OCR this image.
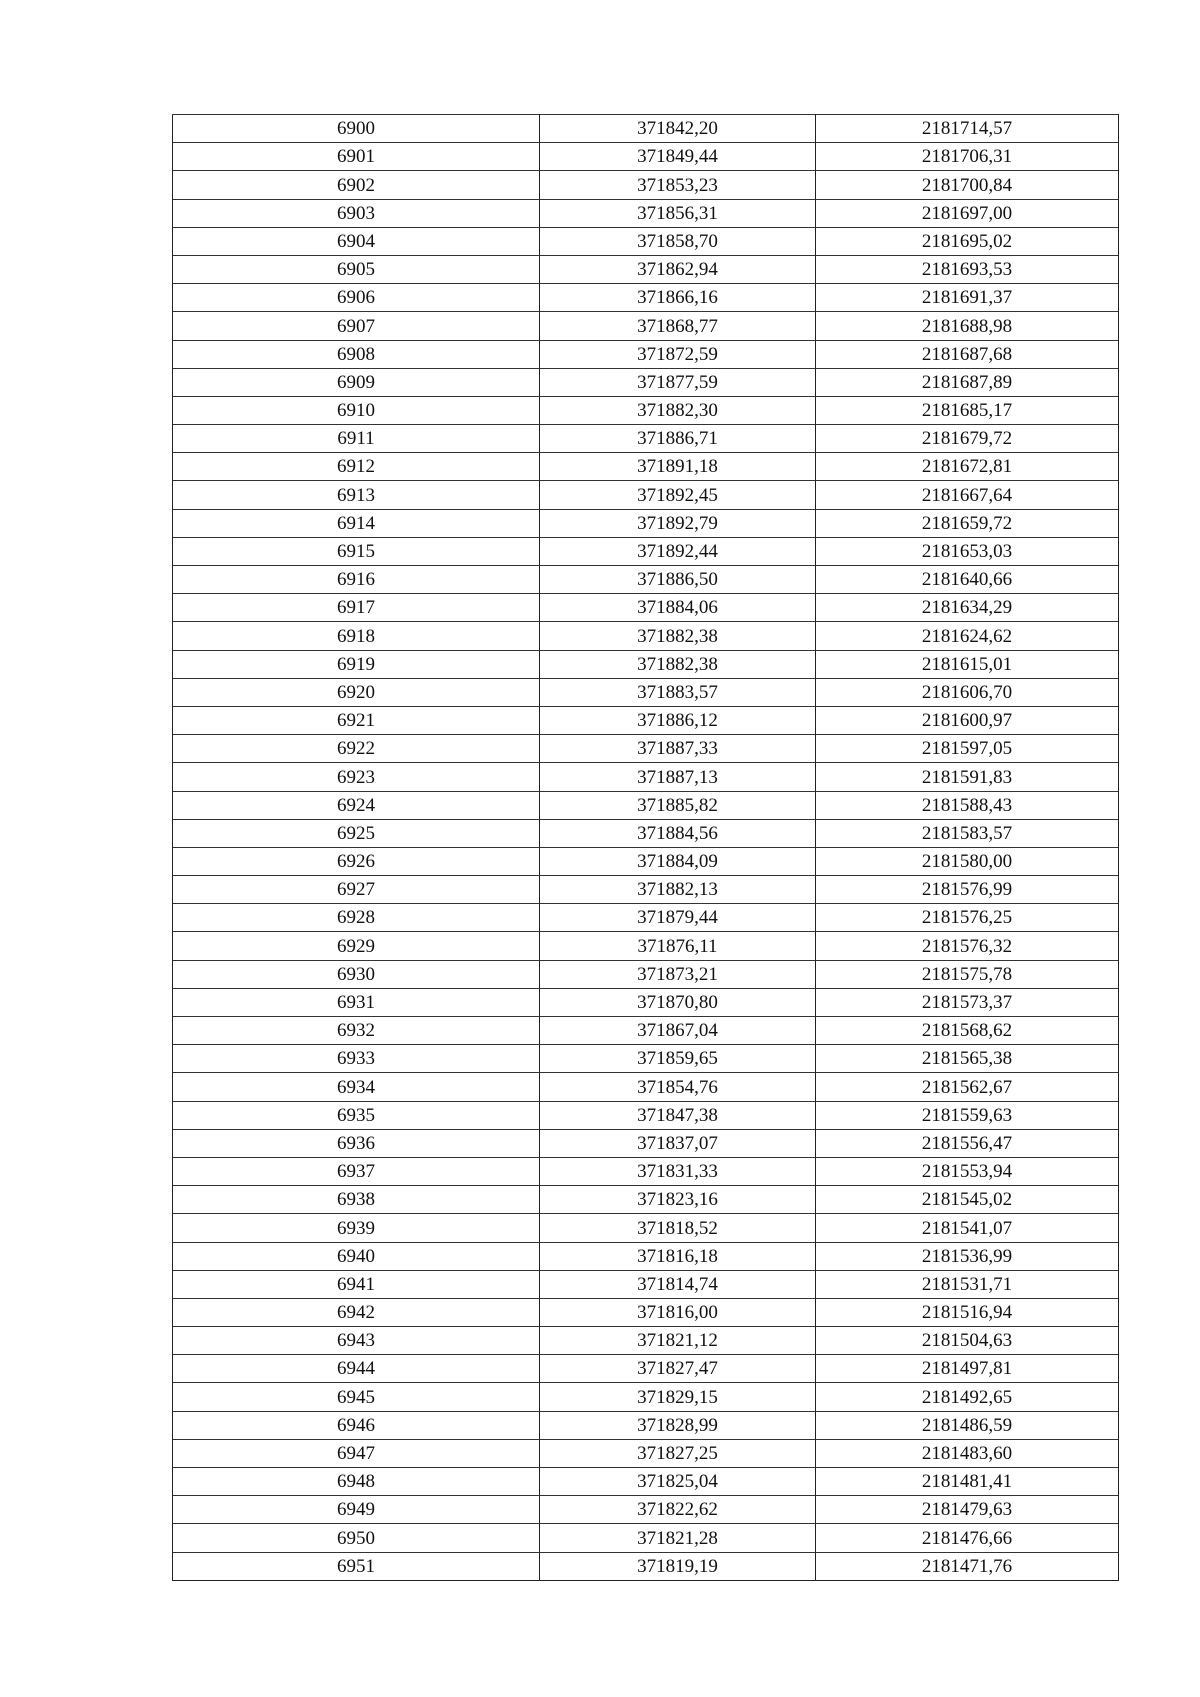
6900	371842,20	2181714,57
6901	371849,44	2181706,31
6902	371853,23	2181700,84
6903	371856,31	2181697,00
6904	371858,70	2181695,02
6905	371862,94	2181693,53
6906	371866,16	2181691,37
6907	371868,77	2181688,98
6908	371872,59	2181687,68
6909	371877,59	2181687,89
6910	371882,30	2181685,17
6911	371886,71	2181679,72
6912	371891,18	2181672,81
6913	371892,45	2181667,64
6914	371892,79	2181659,72
6915	371892,44	2181653,03
6916	371886,50	2181640,66
6917	371884,06	2181634,29
6918	371882,38	2181624,62
6919	371882,38	2181615,01
6920	371883,57	2181606,70
6921	371886,12	2181600,97
6922	371887,33	2181597,05
6923	371887,13	2181591,83
6924	371885,82	2181588,43
6925	371884,56	2181583,57
6926	371884,09	2181580,00
6927	371882,13	2181576,99
6928	371879,44	2181576,25
6929	371876,11	2181576,32
6930	371873,21	2181575,78
6931	371870,80	2181573,37
6932	371867,04	2181568,62
6933	371859,65	2181565,38
6934	371854,76	2181562,67
6935	371847,38	2181559,63
6936	371837,07	2181556,47
6937	371831,33	2181553,94
6938	371823,16	2181545,02
6939	371818,52	2181541,07
6940	371816,18	2181536,99
6941	371814,74	2181531,71
6942	371816,00	2181516,94
6943	371821,12	2181504,63
6944	371827,47	2181497,81
6945	371829,15	2181492,65
6946	371828,99	2181486,59
6947	371827,25	2181483,60
6948	371825,04	2181481,41
6949	371822,62	2181479,63
6950	371821,28	2181476,66
6951	371819,19	2181471,76
